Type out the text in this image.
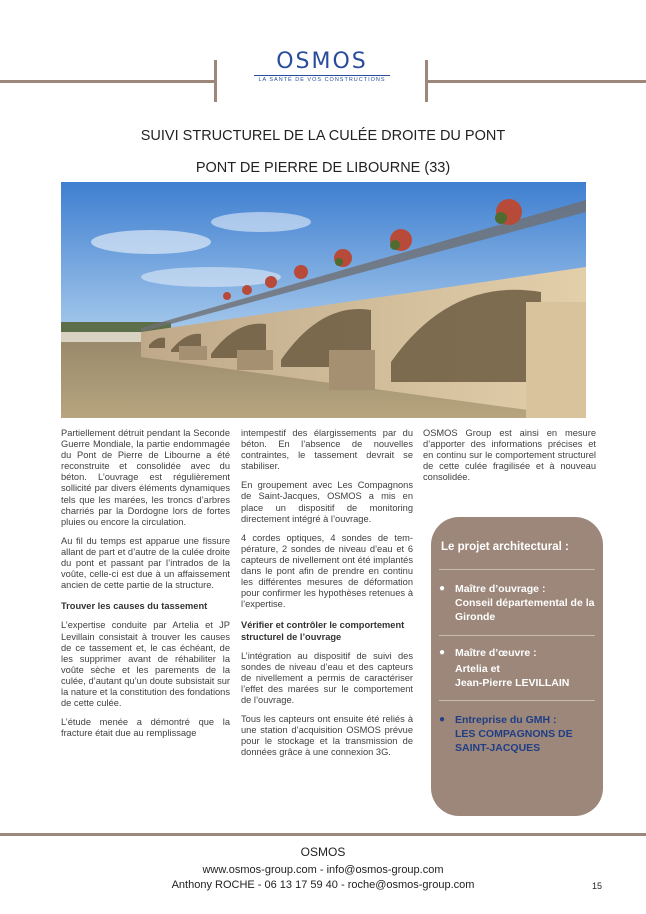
OSMOS
LA SANTÉ DE VOS CONSTRUCTIONS
SUIVI STRUCTUREL DE LA CULÉE DROITE DU PONT
PONT DE PIERRE DE LIBOURNE (33)

Partiellement détruit pendant la Seconde Guerre Mondiale, la partie endommagée du Pont de Pierre de Libourne a été reconstruite et consolidée avec du béton. L’ouvrage est régulièrement sollicité par divers éléments dynamiques tels que les marées, les troncs d’arbres charriés par la Dordogne lors de fortes pluies ou encore la circulation.

Au fil du temps est apparue une fissure allant de part et d’autre de la culée droite du pont et passant par l’intrados de la voûte, celle-ci est due à un affaissement ancien de cette partie de la structure.

Trouver les causes du tassement

L’expertise conduite par Artelia et JP Levillain consistait à trouver les causes de ce tassement et, le cas échéant, de les supprimer avant de réhabiliter la voûte sèche et les parements de la culée, d’autant qu’un doute subsistait sur la nature et la constitution des fondations de cette culée.

L’étude menée a démontré que la fracture était due au remplissage

intempestif des élargissements par du béton. En l’absence de nouvelles contraintes, le tassement devrait se stabiliser.

En groupement avec Les Compagnons de Saint-Jacques, OSMOS a mis en place un dispositif de monitoring directement intégré à l’ouvrage.

4 cordes optiques, 4 sondes de température, 2 sondes de niveau d’eau et 6 capteurs de nivellement ont été implantés dans le pont afin de prendre en continu les différentes mesures de déformation pour confirmer les hypothèses retenues à l’expertise.

Vérifier et contrôler le comportement structurel de l’ouvrage

L’intégration au dispositif de suivi des sondes de niveau d’eau et des capteurs de nivellement a permis de caractériser l’effet des marées sur le comportement de l’ouvrage.

Tous les capteurs ont ensuite été reliés à une station d’acquisition OSMOS prévue pour le stockage et la transmission de données grâce à une connexion 3G.

OSMOS Group est ainsi en mesure d’apporter des informations précises et en continu sur le comportement structurel de cette culée fragilisée et à nouveau consolidée.

Le projet architectural :
● Maître d’ouvrage :
Conseil départemental de la Gironde
● Maître d’œuvre :
Artelia et
Jean-Pierre LEVILLAIN
● Entreprise du GMH :
LES COMPAGNONS DE SAINT-JACQUES
OSMOS
www.osmos-group.com - info@osmos-group.com
Anthony ROCHE - 06 13 17 59 40 - roche@osmos-group.com	15
